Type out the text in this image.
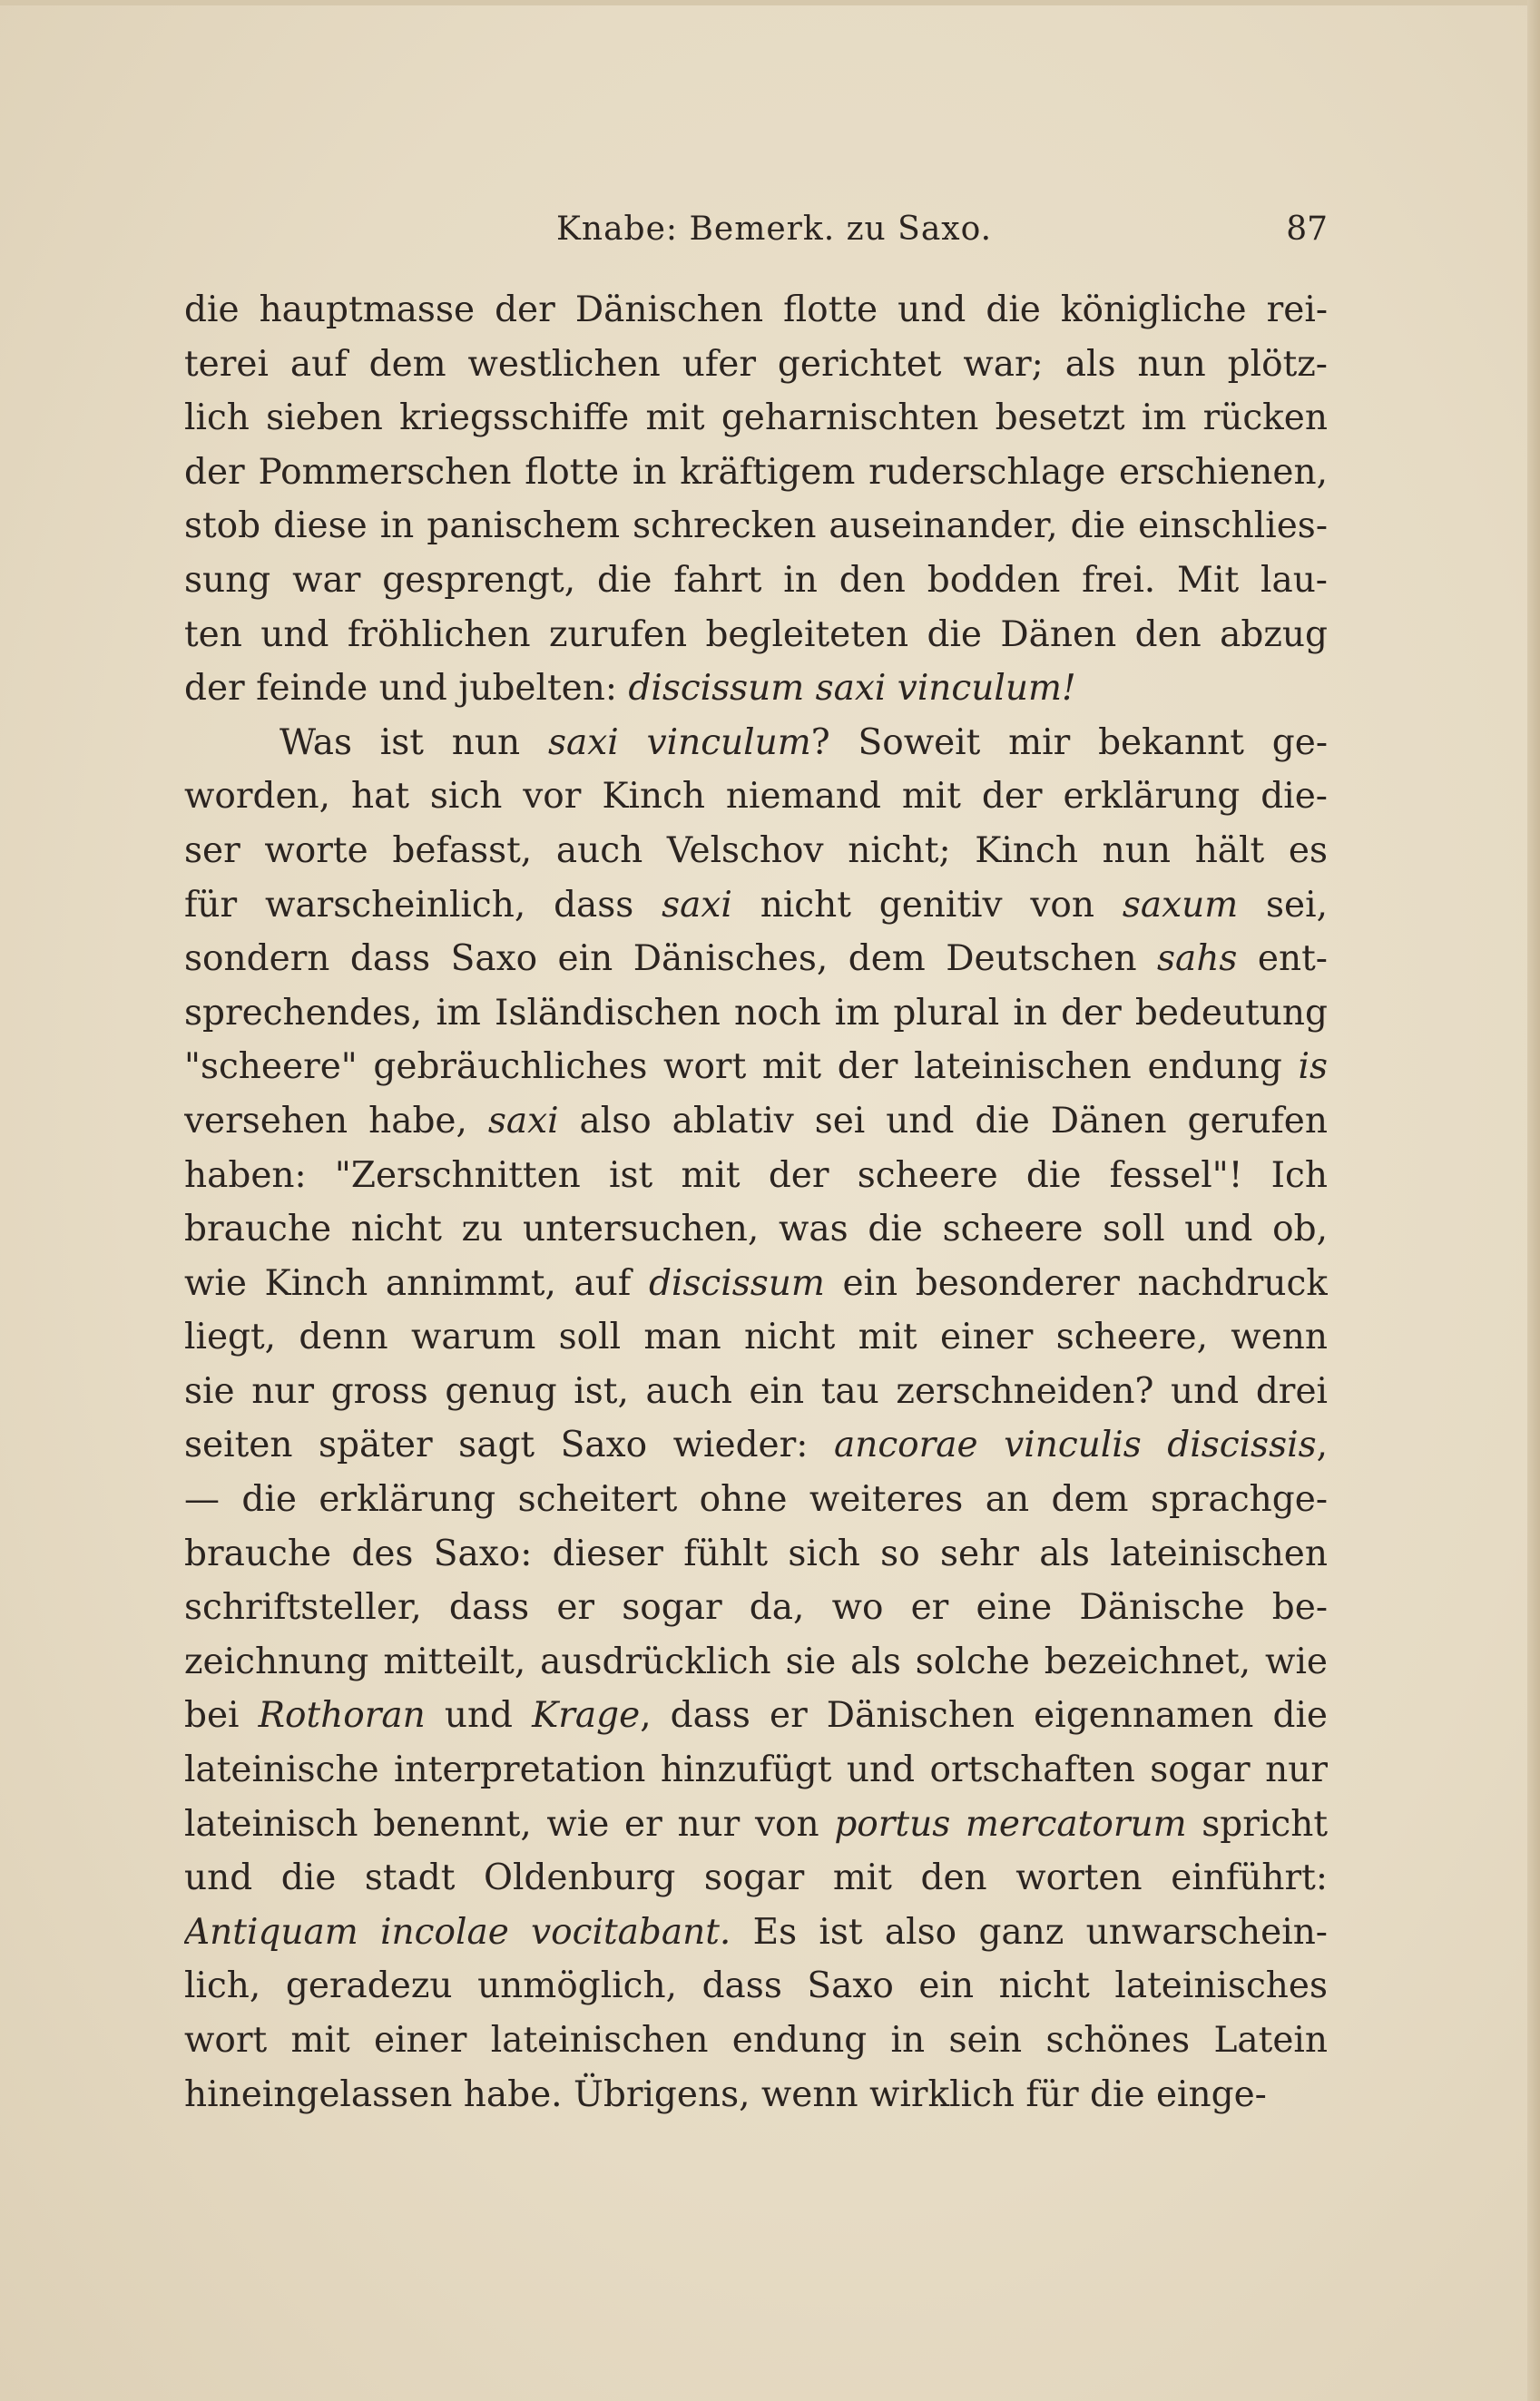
Knabe: Bemerk. zu Saxo.	87
die hauptmasse der Dänischen flotte und die königliche rei-
terei auf dem westlichen ufer gerichtet war; als nun plötz-
lich sieben kriegsschiffe mit geharnischten besetzt im rücken
der Pommerschen flotte in kräftigem ruderschlage erschienen,
stob diese in panischem schrecken auseinander, die einschlies-
sung war gesprengt, die fahrt in den bodden frei. Mit lau-
ten und fröhlichen zurufen begleiteten die Dänen den abzug
der feinde und jubelten: discissum saxi vinculum!
Was ist nun saxi vinculum? Soweit mir bekannt ge-
worden, hat sich vor Kinch niemand mit der erklärung die-
ser worte befasst, auch Velschov nicht; Kinch nun hält es
für warscheinlich, dass saxi nicht genitiv von saxum sei,
sondern dass Saxo ein Dänisches, dem Deutschen sahs ent-
sprechendes, im Isländischen noch im plural in der bedeutung
"scheere" gebräuchliches wort mit der lateinischen endung is
versehen habe, saxi also ablativ sei und die Dänen gerufen
haben: "Zerschnitten ist mit der scheere die fessel"! Ich
brauche nicht zu untersuchen, was die scheere soll und ob,
wie Kinch annimmt, auf discissum ein besonderer nachdruck
liegt, denn warum soll man nicht mit einer scheere, wenn
sie nur gross genug ist, auch ein tau zerschneiden? und drei
seiten später sagt Saxo wieder: ancorae vinculis discissis,
— die erklärung scheitert ohne weiteres an dem sprachge-
brauche des Saxo: dieser fühlt sich so sehr als lateinischen
schriftsteller, dass er sogar da, wo er eine Dänische be-
zeichnung mitteilt, ausdrücklich sie als solche bezeichnet, wie
bei Rothoran und Krage, dass er Dänischen eigennamen die
lateinische interpretation hinzufügt und ortschaften sogar nur
lateinisch benennt, wie er nur von portus mercatorum spricht
und die stadt Oldenburg sogar mit den worten einführt:
Antiquam incolae vocitabant. Es ist also ganz unwarschein-
lich, geradezu unmöglich, dass Saxo ein nicht lateinisches
wort mit einer lateinischen endung in sein schönes Latein
hineingelassen habe. Übrigens, wenn wirklich für die einge-
